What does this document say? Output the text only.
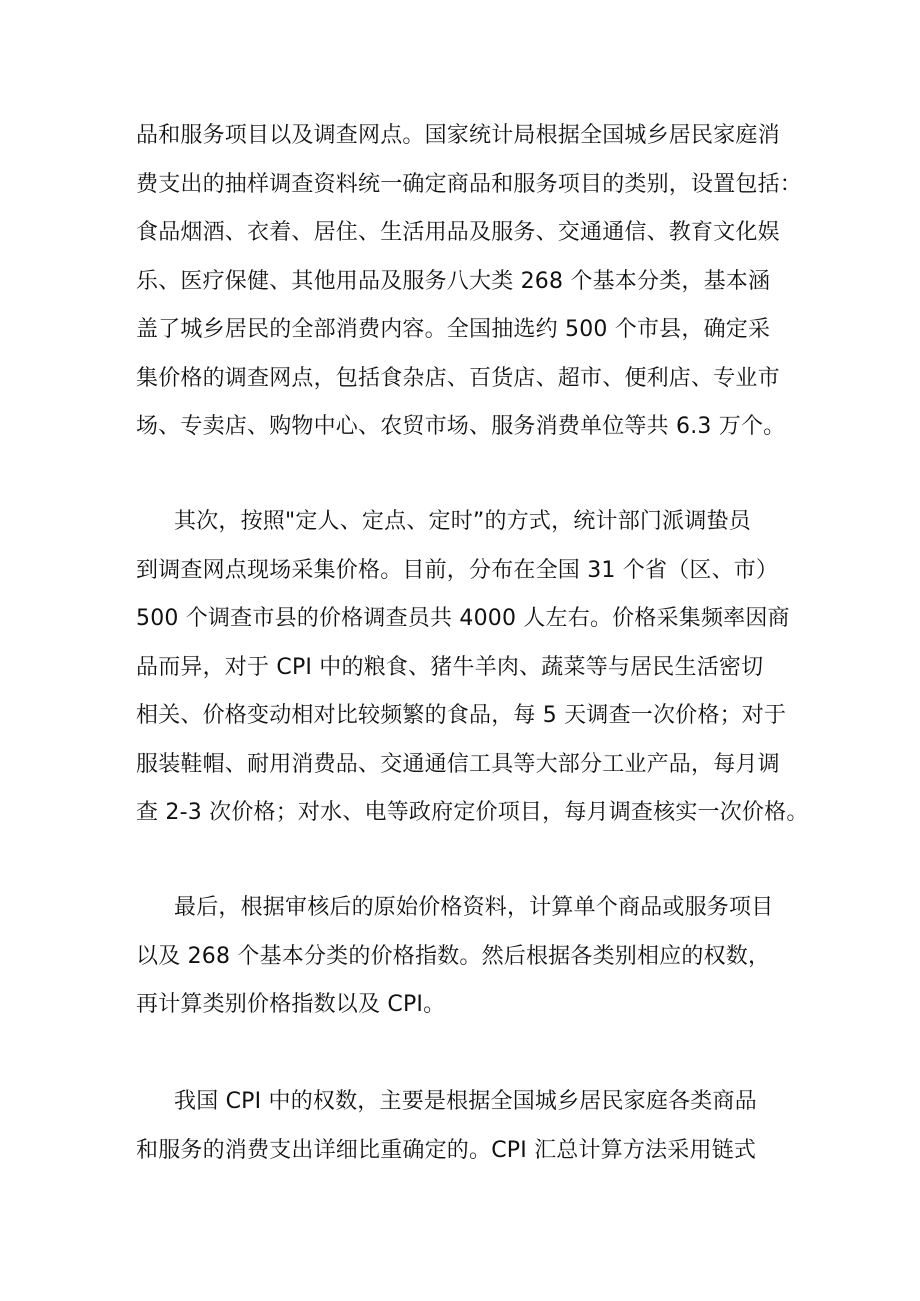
品和服务项目以及调查网点。国家统计局根据全国城乡居民家庭消
费支出的抽样调查资料统一确定商品和服务项目的类别，设置包括：
食品烟酒、衣着、居住、生活用品及服务、交通通信、教育文化娱
乐、医疗保健、其他用品及服务八大类 268 个基本分类，基本涵
盖了城乡居民的全部消费内容。全国抽选约 500 个市县，确定采
集价格的调查网点，包括食杂店、百货店、超市、便利店、专业市
场、专卖店、购物中心、农贸市场、服务消费单位等共 6.3 万个。

其次，按照"定人、定点、定时”的方式，统计部门派调蛰员
到调查网点现场采集价格。目前，分布在全国 31 个省（区、市）
500 个调查市县的价格调查员共 4000 人左右。价格采集频率因商
品而异，对于 CPI 中的粮食、猪牛羊肉、蔬菜等与居民生活密切
相关、价格变动相对比较频繁的食品，每 5 天调查一次价格；对于
服装鞋帽、耐用消费品、交通通信工具等大部分工业产品，每月调
查 2-3 次价格；对水、电等政府定价项目，每月调查核实一次价格。

最后，根据审核后的原始价格资料，计算单个商品或服务项目
以及 268 个基本分类的价格指数。然后根据各类别相应的权数，
再计算类别价格指数以及 CPI。

我国 CPI 中的权数，主要是根据全国城乡居民家庭各类商品
和服务的消费支出详细比重确定的。CPI 汇总计算方法采用链式
